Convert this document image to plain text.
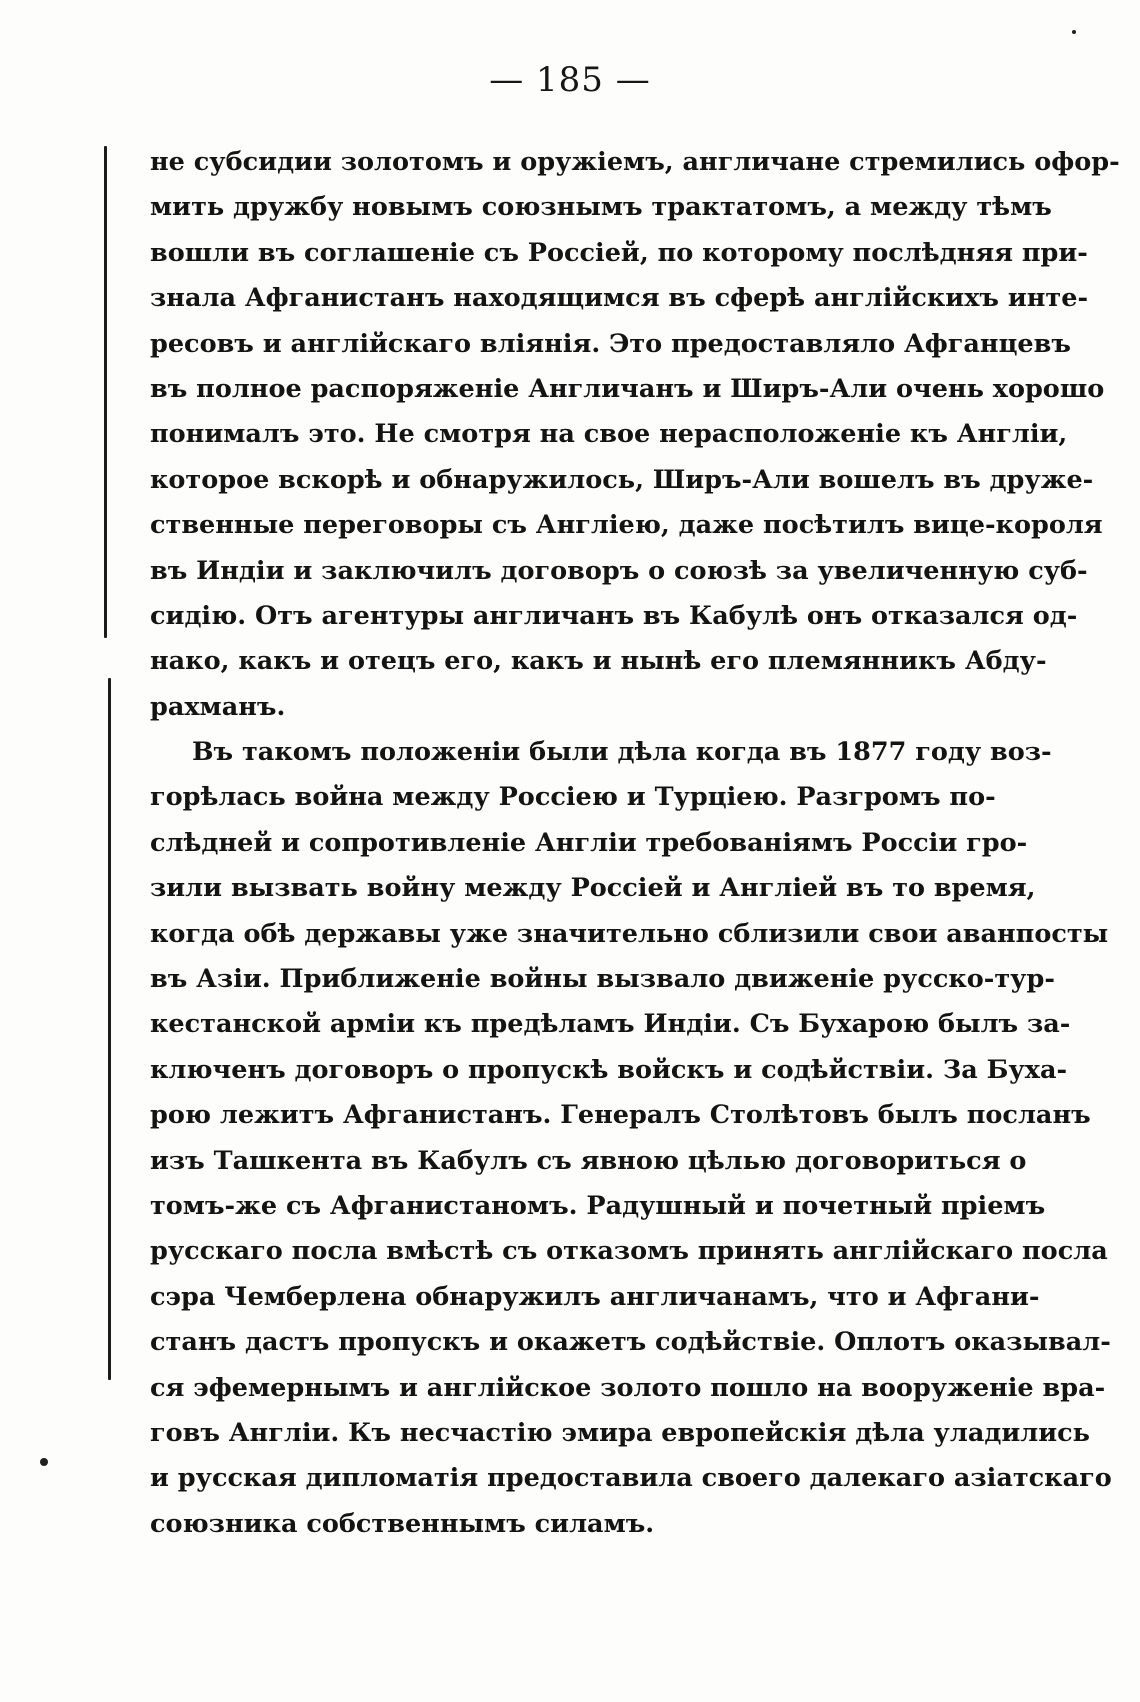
— 185 —
не субсидии золотомъ и оружiемъ, англичане стремились офор-
мить дружбу новымъ союзнымъ трактатомъ, а между тѣмъ
вошли въ соглашенiе съ Россiей, по которому послѣдняя при-
знала Афганистанъ находящимся въ сферѣ англiйскихъ инте-
ресовъ и англiйскаго влiянiя. Это предоставляло Афганцевъ
въ полное распоряженiе Англичанъ и Ширъ-Али очень хорошо
понималъ это. Не смотря на свое нерасположенiе къ Англiи,
которое вскорѣ и обнаружилось, Ширъ-Али вошелъ въ друже-
ственные переговоры съ Англiею, даже посѣтилъ вице-короля
въ Индiи и заключилъ договоръ о союзѣ за увеличенную суб-
сидiю. Отъ агентуры англичанъ въ Кабулѣ онъ отказался од-
нако, какъ и отецъ его, какъ и нынѣ его племянникъ Абду-
рахманъ.
Въ такомъ положенiи были дѣла когда въ 1877 году воз-
горѣлась война между Россiею и Турцiею. Разгромъ по-
слѣдней и сопротивленiе Англiи требованiямъ Россiи гро-
зили вызвать войну между Россiей и Англiей въ то время,
когда обѣ державы уже значительно сблизили свои аванпосты
въ Азiи. Приближенiе войны вызвало движенiе русско-тур-
кестанской армiи къ предѣламъ Индiи. Съ Бухарою былъ за-
ключенъ договоръ о пропускѣ войскъ и содѣйствiи. За Буха-
рою лежитъ Афганистанъ. Генералъ Столѣтовъ былъ посланъ
изъ Ташкента въ Кабулъ съ явною цѣлью договориться о
томъ-же съ Афганистаномъ. Радушный и почетный прiемъ
русскаго посла вмѣстѣ съ отказомъ принять англiйскаго посла
сэра Чемберлена обнаружилъ англичанамъ, что и Афгани-
станъ дастъ пропускъ и окажетъ содѣйствiе. Оплотъ оказывал-
ся эфемернымъ и англiйское золото пошло на вооруженiе вра-
говъ Англiи. Къ несчастiю эмира европейскiя дѣла уладились
и русская дипломатiя предоставила своего далекаго азiатскаго
союзника собственнымъ силамъ.
